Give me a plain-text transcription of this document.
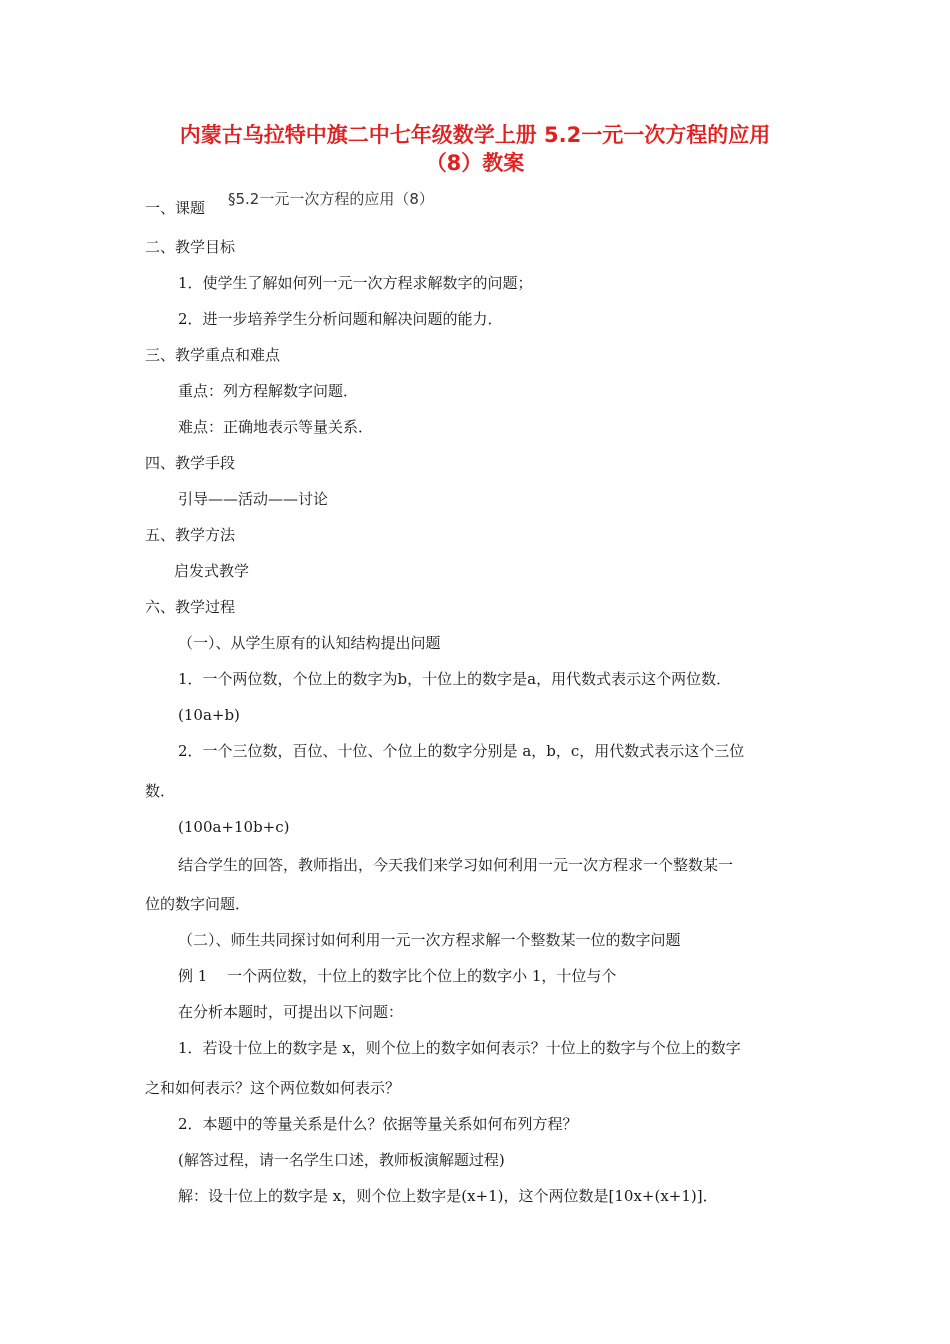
内蒙古乌拉特中旗二中七年级数学上册 5.2一元一次方程的应用
（8）教案
一、课题 §5.2一元一次方程的应用（8）
二、教学目标
1．使学生了解如何列一元一次方程求解数字的问题；
2．进一步培养学生分析问题和解决问题的能力．
三、教学重点和难点
重点：列方程解数字问题．
难点：正确地表示等量关系．
四、教学手段
引导——活动——讨论
五、教学方法
启发式教学
六、教学过程
（一）、从学生原有的认知结构提出问题
1．一个两位数，个位上的数字为b，十位上的数字是a，用代数式表示这个两位数．
(10a+b)
2．一个三位数，百位、十位、个位上的数字分别是 a，b，c，用代数式表示这个三位
数．
(100a+10b+c)
结合学生的回答，教师指出，今天我们来学习如何利用一元一次方程求一个整数某一
位的数字问题．
（二）、师生共同探讨如何利用一元一次方程求解一个整数某一位的数字问题
例 1　 一个两位数，十位上的数字比个位上的数字小 1，十位与个
在分析本题时，可提出以下问题：
1．若设十位上的数字是 x，则个位上的数字如何表示？十位上的数字与个位上的数字
之和如何表示？这个两位数如何表示？
2．本题中的等量关系是什么？依据等量关系如何布列方程？
(解答过程，请一名学生口述，教师板演解题过程)
解：设十位上的数字是 x，则个位上数字是(x+1)，这个两位数是[10x+(x+1)]．
